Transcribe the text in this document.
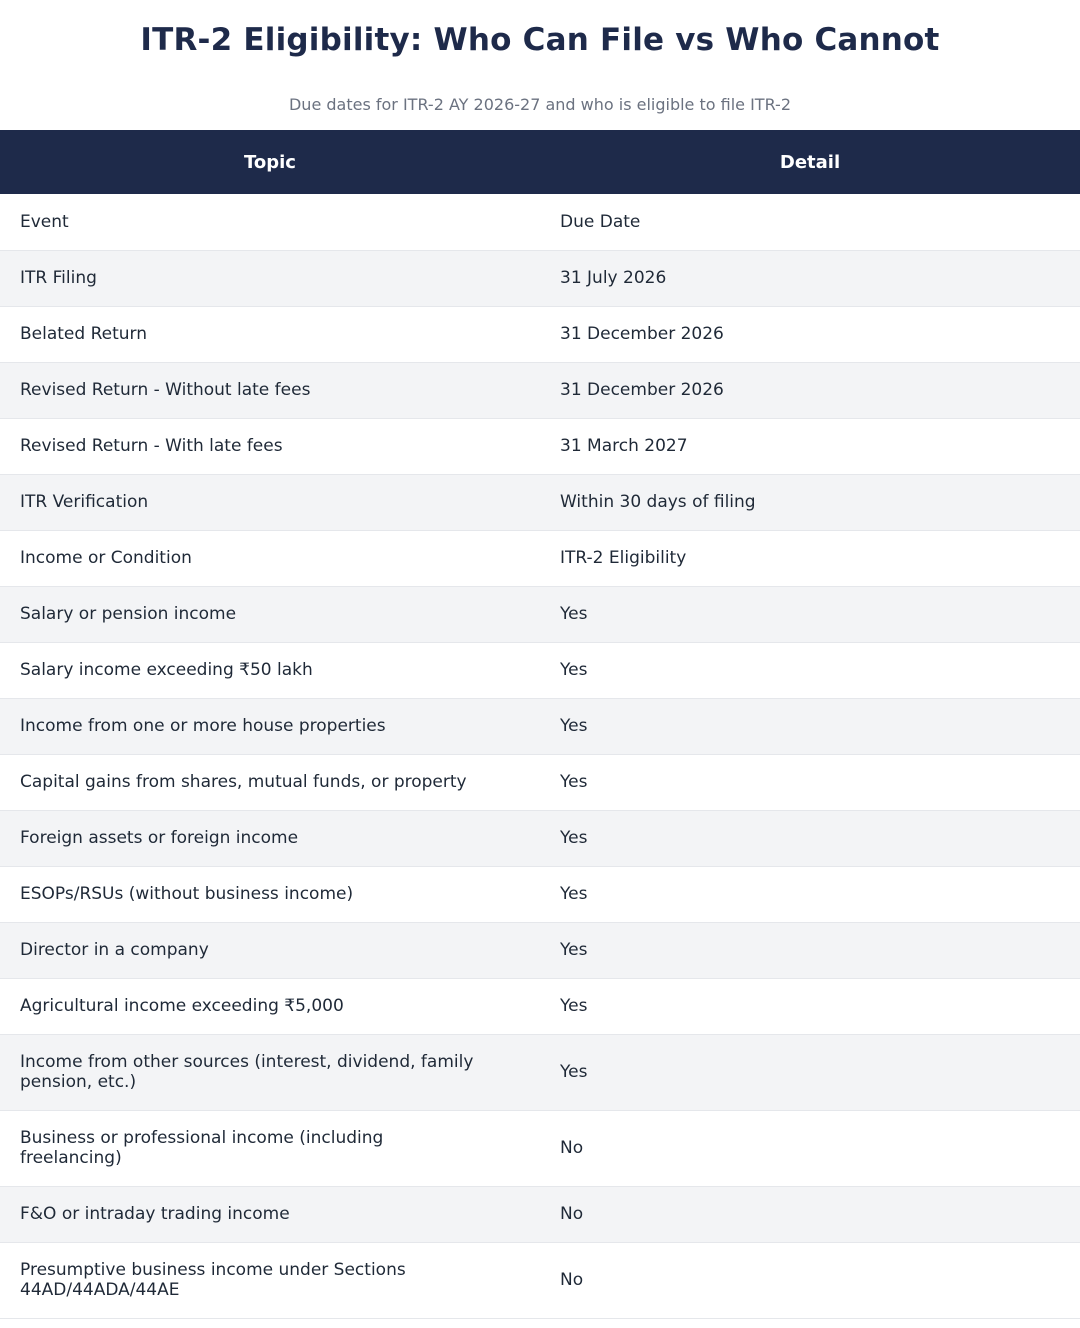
ITR-2 Eligibility: Who Can File vs Who Cannot

Due dates for ITR-2 AY 2026-27 and who is eligible to file ITR-2

Topic	Detail
Event	Due Date
ITR Filing	31 July 2026
Belated Return	31 December 2026
Revised Return - Without late fees	31 December 2026
Revised Return - With late fees	31 March 2027
ITR Verification	Within 30 days of filing
Income or Condition	ITR-2 Eligibility
Salary or pension income	Yes
Salary income exceeding ₹50 lakh	Yes
Income from one or more house properties	Yes
Capital gains from shares, mutual funds, or property	Yes
Foreign assets or foreign income	Yes
ESOPs/RSUs (without business income)	Yes
Director in a company	Yes
Agricultural income exceeding ₹5,000	Yes
Income from other sources (interest, dividend, family pension, etc.)	Yes
Business or professional income (including freelancing)	No
F&O or intraday trading income	No
Presumptive business income under Sections 44AD/44ADA/44AE	No
